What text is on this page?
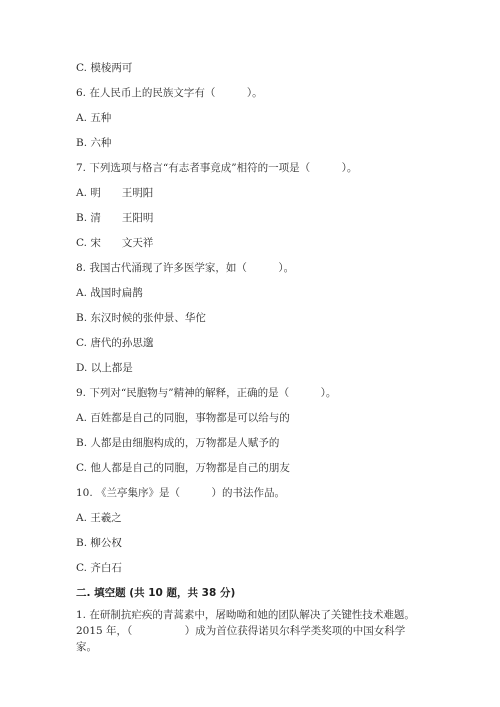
C. 模棱两可
6. 在人民币上的民族文字有（　　　）。
A. 五种
B. 六种
7. 下列选项与格言“有志者事竟成”相符的一项是（　　　）。
A. 明　　王明阳
B. 清　　王阳明
C. 宋　　文天祥
8. 我国古代涌现了许多医学家，如（　　　）。
A. 战国时扁鹊
B. 东汉时候的张仲景、华佗
C. 唐代的孙思邈
D. 以上都是
9. 下列对“民胞物与”精神的解释，正确的是（　　　）。
A. 百姓都是自己的同胞，事物都是可以给与的
B. 人都是由细胞构成的，万物都是人赋予的
C. 他人都是自己的同胞，万物都是自己的朋友
10. 《兰亭集序》是（　　　）的书法作品。
A. 王羲之
B. 柳公权
C. 齐白石
二. 填空题 (共 10 题，共 38 分)
1. 在研制抗疟疾的青蒿素中，屠呦呦和她的团队解决了关键性技术难题。2015 年，（　　　　　）成为首位获得诺贝尔科学类奖项的中国女科学家。
